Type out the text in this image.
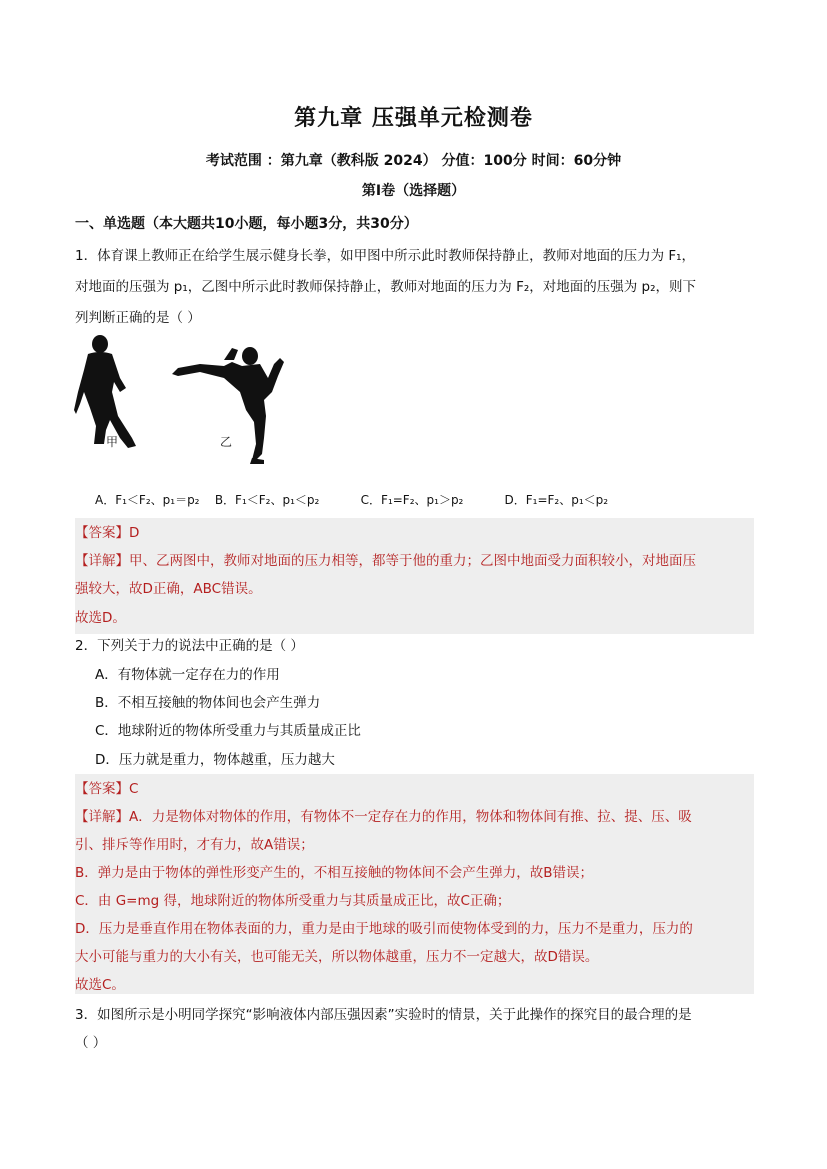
第九章 压强单元检测卷
考试范围 ：第九章（教科版 2024） 分值：100分 时间：60分钟
第Ⅰ卷（选择题）
一、单选题（本大题共10小题，每小题3分，共30分）
1．体育课上教师正在给学生展示健身长拳，如甲图中所示此时教师保持静止，教师对地面的压力为 F₁，
对地面的压强为 p₁，乙图中所示此时教师保持静止，教师对地面的压力为 F₂，对地面的压强为 p₂，则下
列判断正确的是（ ）
甲	乙
A．F₁＜F₂、p₁＝p₂ B．F₁＜F₂、p₁＜p₂	C．F₁=F₂、p₁＞p₂	D．F₁=F₂、p₁＜p₂
【答案】D
【详解】甲、乙两图中，教师对地面的压力相等，都等于他的重力；乙图中地面受力面积较小，对地面压
强较大，故D正确，ABC错误。
故选D。
2．下列关于力的说法中正确的是（ ）
A．有物体就一定存在力的作用
B．不相互接触的物体间也会产生弹力
C．地球附近的物体所受重力与其质量成正比
D．压力就是重力，物体越重，压力越大
【答案】C
【详解】A．力是物体对物体的作用，有物体不一定存在力的作用，物体和物体间有推、拉、提、压、吸
引、排斥等作用时，才有力，故A错误；
B．弹力是由于物体的弹性形变产生的，不相互接触的物体间不会产生弹力，故B错误；
C．由 G=mg 得，地球附近的物体所受重力与其质量成正比，故C正确；
D．压力是垂直作用在物体表面的力，重力是由于地球的吸引而使物体受到的力，压力不是重力，压力的
大小可能与重力的大小有关，也可能无关，所以物体越重，压力不一定越大，故D错误。
故选C。
3．如图所示是小明同学探究“影响液体内部压强因素”实验时的情景，关于此操作的探究目的最合理的是
（ ）
